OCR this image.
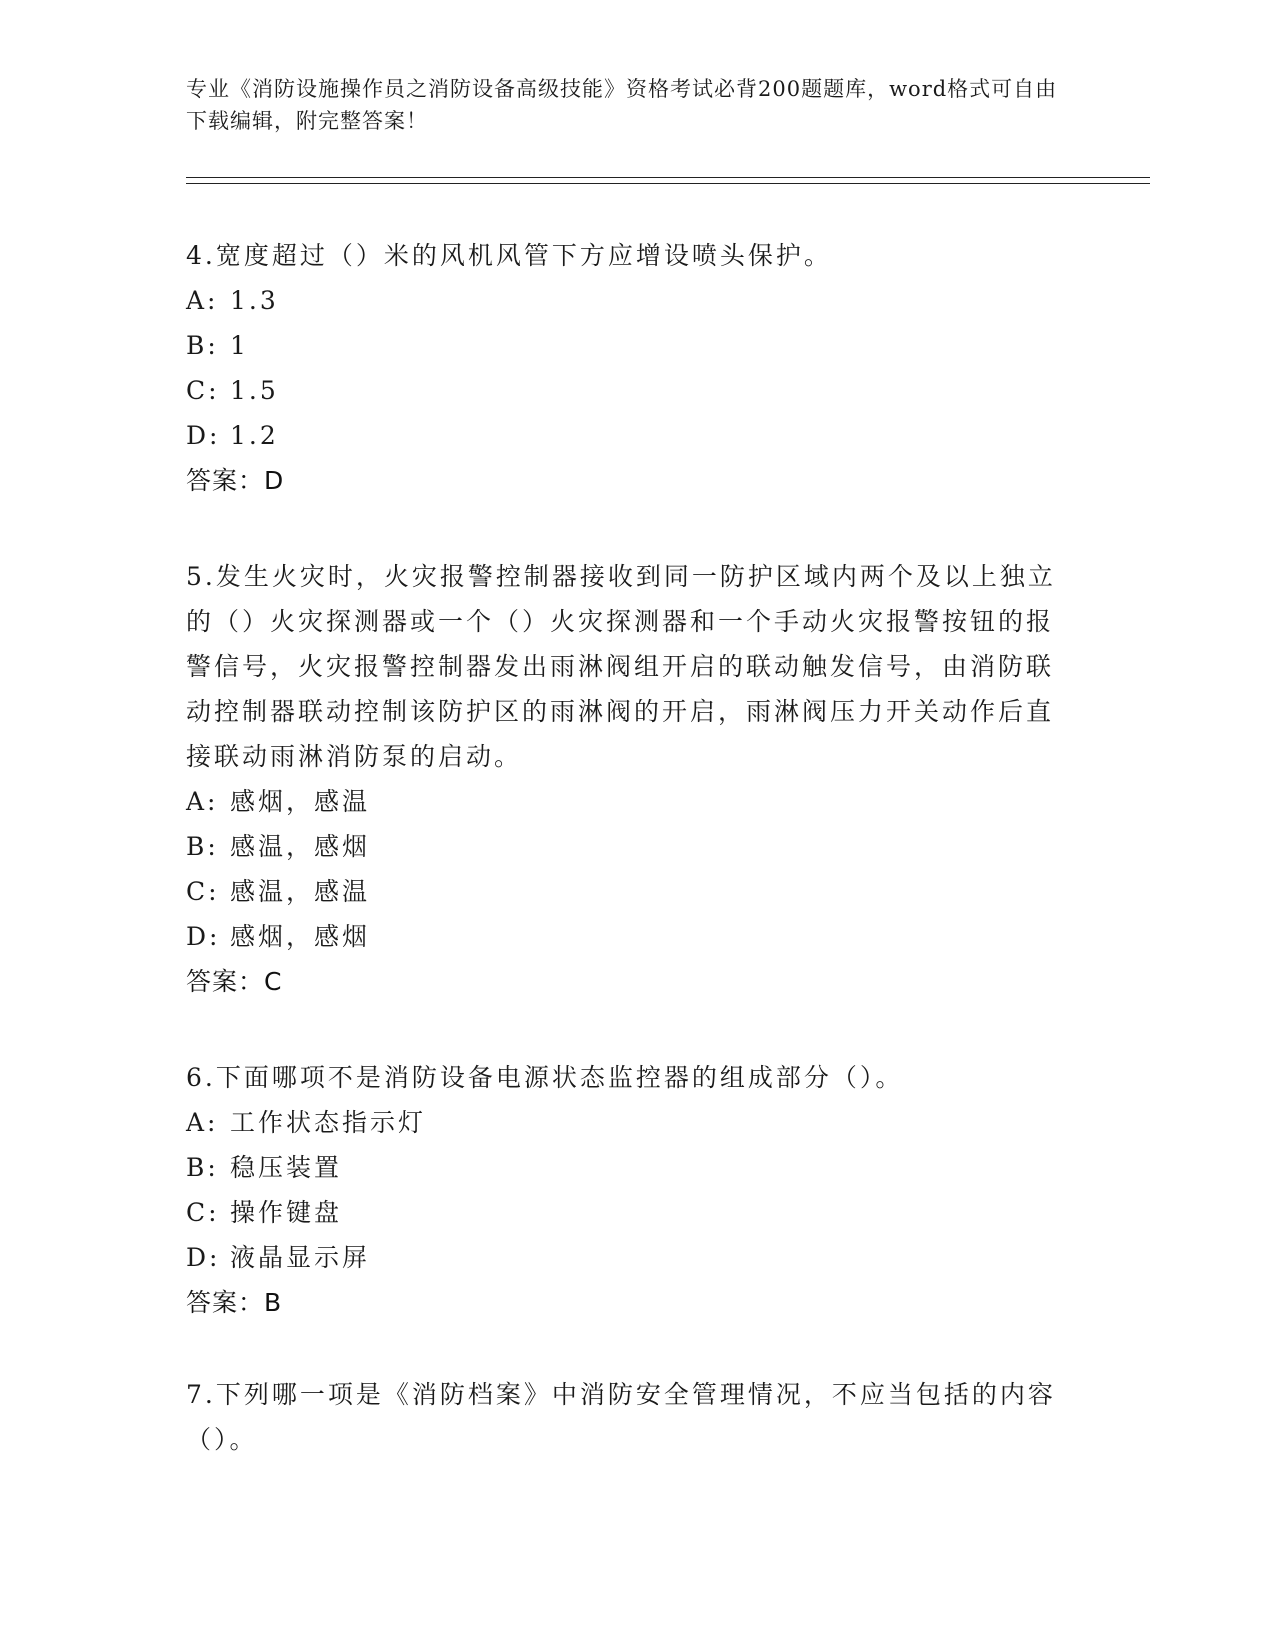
专业《消防设施操作员之消防设备高级技能》资格考试必背200题题库，word格式可自由下载编辑，附完整答案！
4.宽度超过（）米的风机风管下方应增设喷头保护。
A: 1.3
B: 1
C: 1.5
D: 1.2
答案：D
5.发生火灾时，火灾报警控制器接收到同一防护区域内两个及以上独立的（）火灾探测器或一个（）火灾探测器和一个手动火灾报警按钮的报警信号，火灾报警控制器发出雨淋阀组开启的联动触发信号，由消防联动控制器联动控制该防护区的雨淋阀的开启，雨淋阀压力开关动作后直接联动雨淋消防泵的启动。
A: 感烟，感温
B: 感温，感烟
C: 感温，感温
D: 感烟，感烟
答案：C
6.下面哪项不是消防设备电源状态监控器的组成部分（）。
A: 工作状态指示灯
B: 稳压装置
C: 操作键盘
D: 液晶显示屏
答案：B
7.下列哪一项是《消防档案》中消防安全管理情况，不应当包括的内容（）。
